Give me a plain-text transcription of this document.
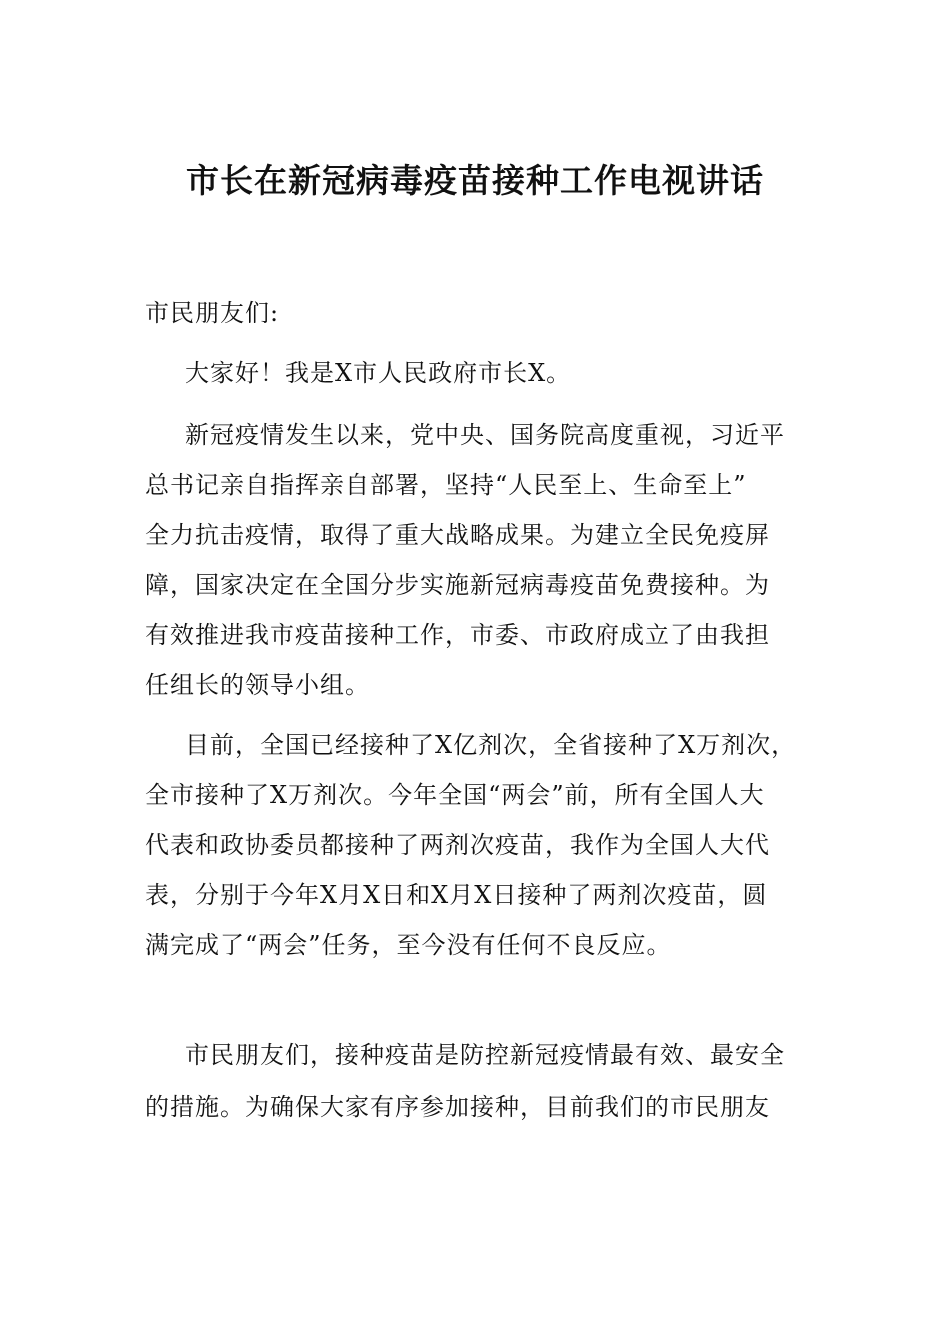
市长在新冠病毒疫苗接种工作电视讲话

市民朋友们:

大家好！我是X市人民政府市长X。

新冠疫情发生以来，党中央、国务院高度重视，习近平

总书记亲自指挥亲自部署，坚持“人民至上、生命至上”

全力抗击疫情，取得了重大战略成果。为建立全民免疫屏

障，国家决定在全国分步实施新冠病毒疫苗免费接种。为

有效推进我市疫苗接种工作，市委、市政府成立了由我担

任组长的领导小组。

目前，全国已经接种了X亿剂次，全省接种了X万剂次，

全市接种了X万剂次。今年全国“两会”前，所有全国人大

代表和政协委员都接种了两剂次疫苗，我作为全国人大代

表，分别于今年X月X日和X月X日接种了两剂次疫苗，圆

满完成了“两会”任务，至今没有任何不良反应。

市民朋友们，接种疫苗是防控新冠疫情最有效、最安全

的措施。为确保大家有序参加接种，目前我们的市民朋友
